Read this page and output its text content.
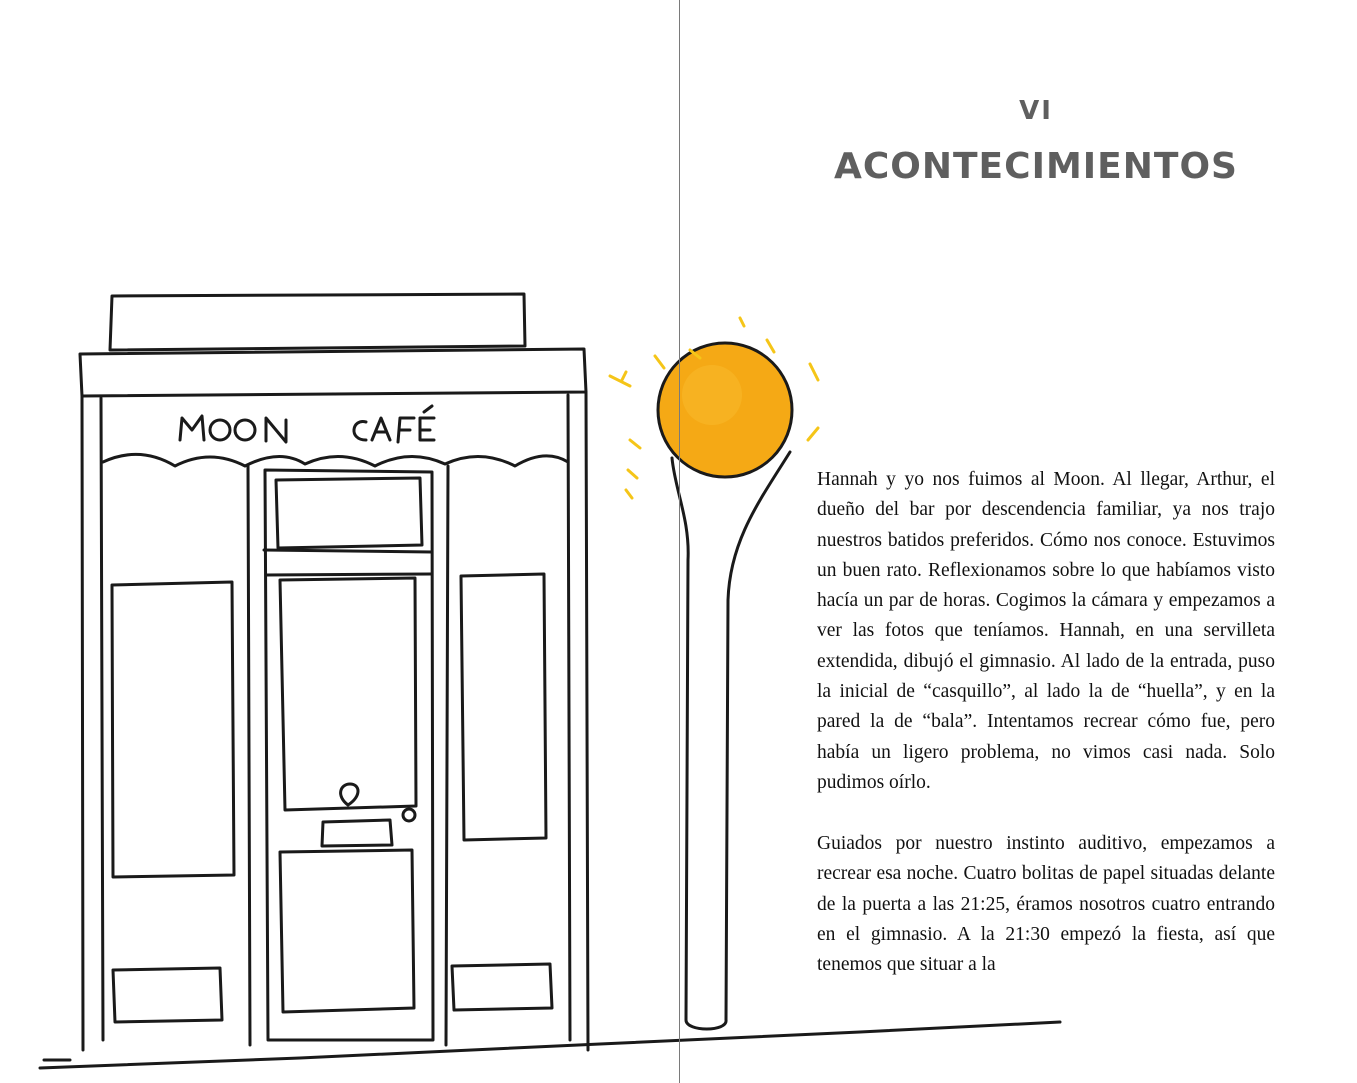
VI
ACONTECIMIENTOS

Hannah y yo nos fuimos al Moon. Al llegar, Arthur, el dueño del bar por descendencia familiar, ya nos trajo nuestros batidos preferidos. Cómo nos conoce. Estuvimos un buen rato. Reflexionamos sobre lo que habíamos visto hacía un par de horas. Cogimos la cámara y empezamos a ver las fotos que teníamos. Hannah, en una servilleta extendida, dibujó el gimnasio. Al lado de la entrada, puso la inicial de “casquillo”, al lado la de “huella”, y en la pared la de “bala”. Intentamos recrear cómo fue, pero había un ligero problema, no vimos casi nada. Solo pudimos oírlo.

Guiados por nuestro instinto auditivo, empezamos a recrear esa noche. Cuatro bolitas de papel situadas delante de la puerta a las 21:25, éramos nosotros cuatro entrando en el gimnasio. A la 21:30 empezó la fiesta, así que tenemos que situar a la
